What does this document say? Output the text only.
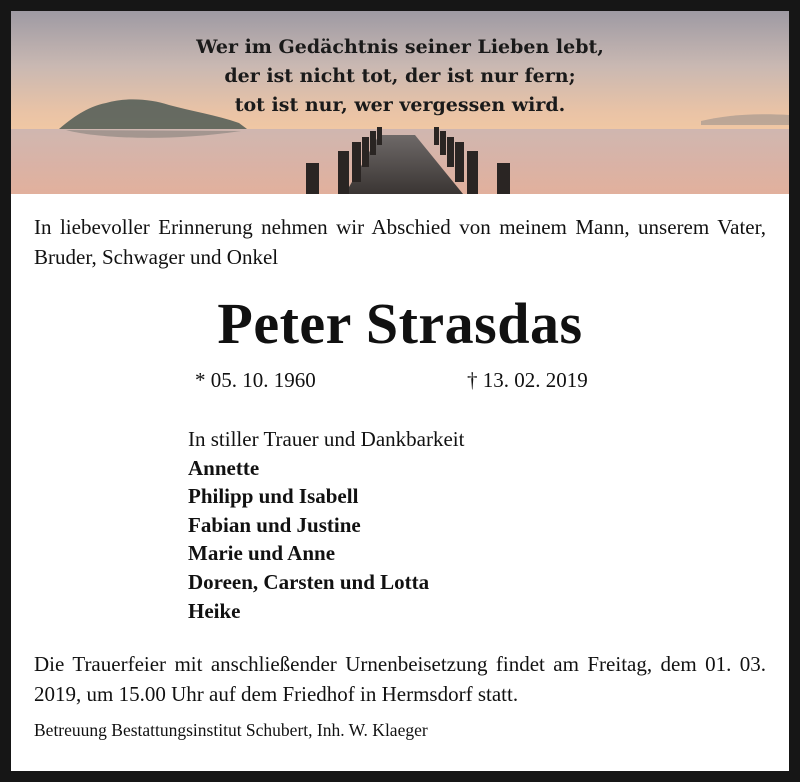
Wer im Gedächtnis seiner Lieben lebt,
der ist nicht tot, der ist nur fern;
tot ist nur, wer vergessen wird.
In liebevoller Erinnerung nehmen wir Abschied von meinem Mann, unserem Vater, Bruder, Schwager und Onkel
Peter Strasdas
* 05. 10. 1960	† 13. 02. 2019
In stiller Trauer und Dankbarkeit
Annette
Philipp und Isabell
Fabian und Justine
Marie und Anne
Doreen, Carsten und Lotta
Heike
Die Trauerfeier mit anschließender Urnenbeisetzung findet am Freitag, dem 01. 03. 2019, um 15.00 Uhr auf dem Friedhof in Hermsdorf statt.
Betreuung Bestattungsinstitut Schubert, Inh. W. Klaeger
